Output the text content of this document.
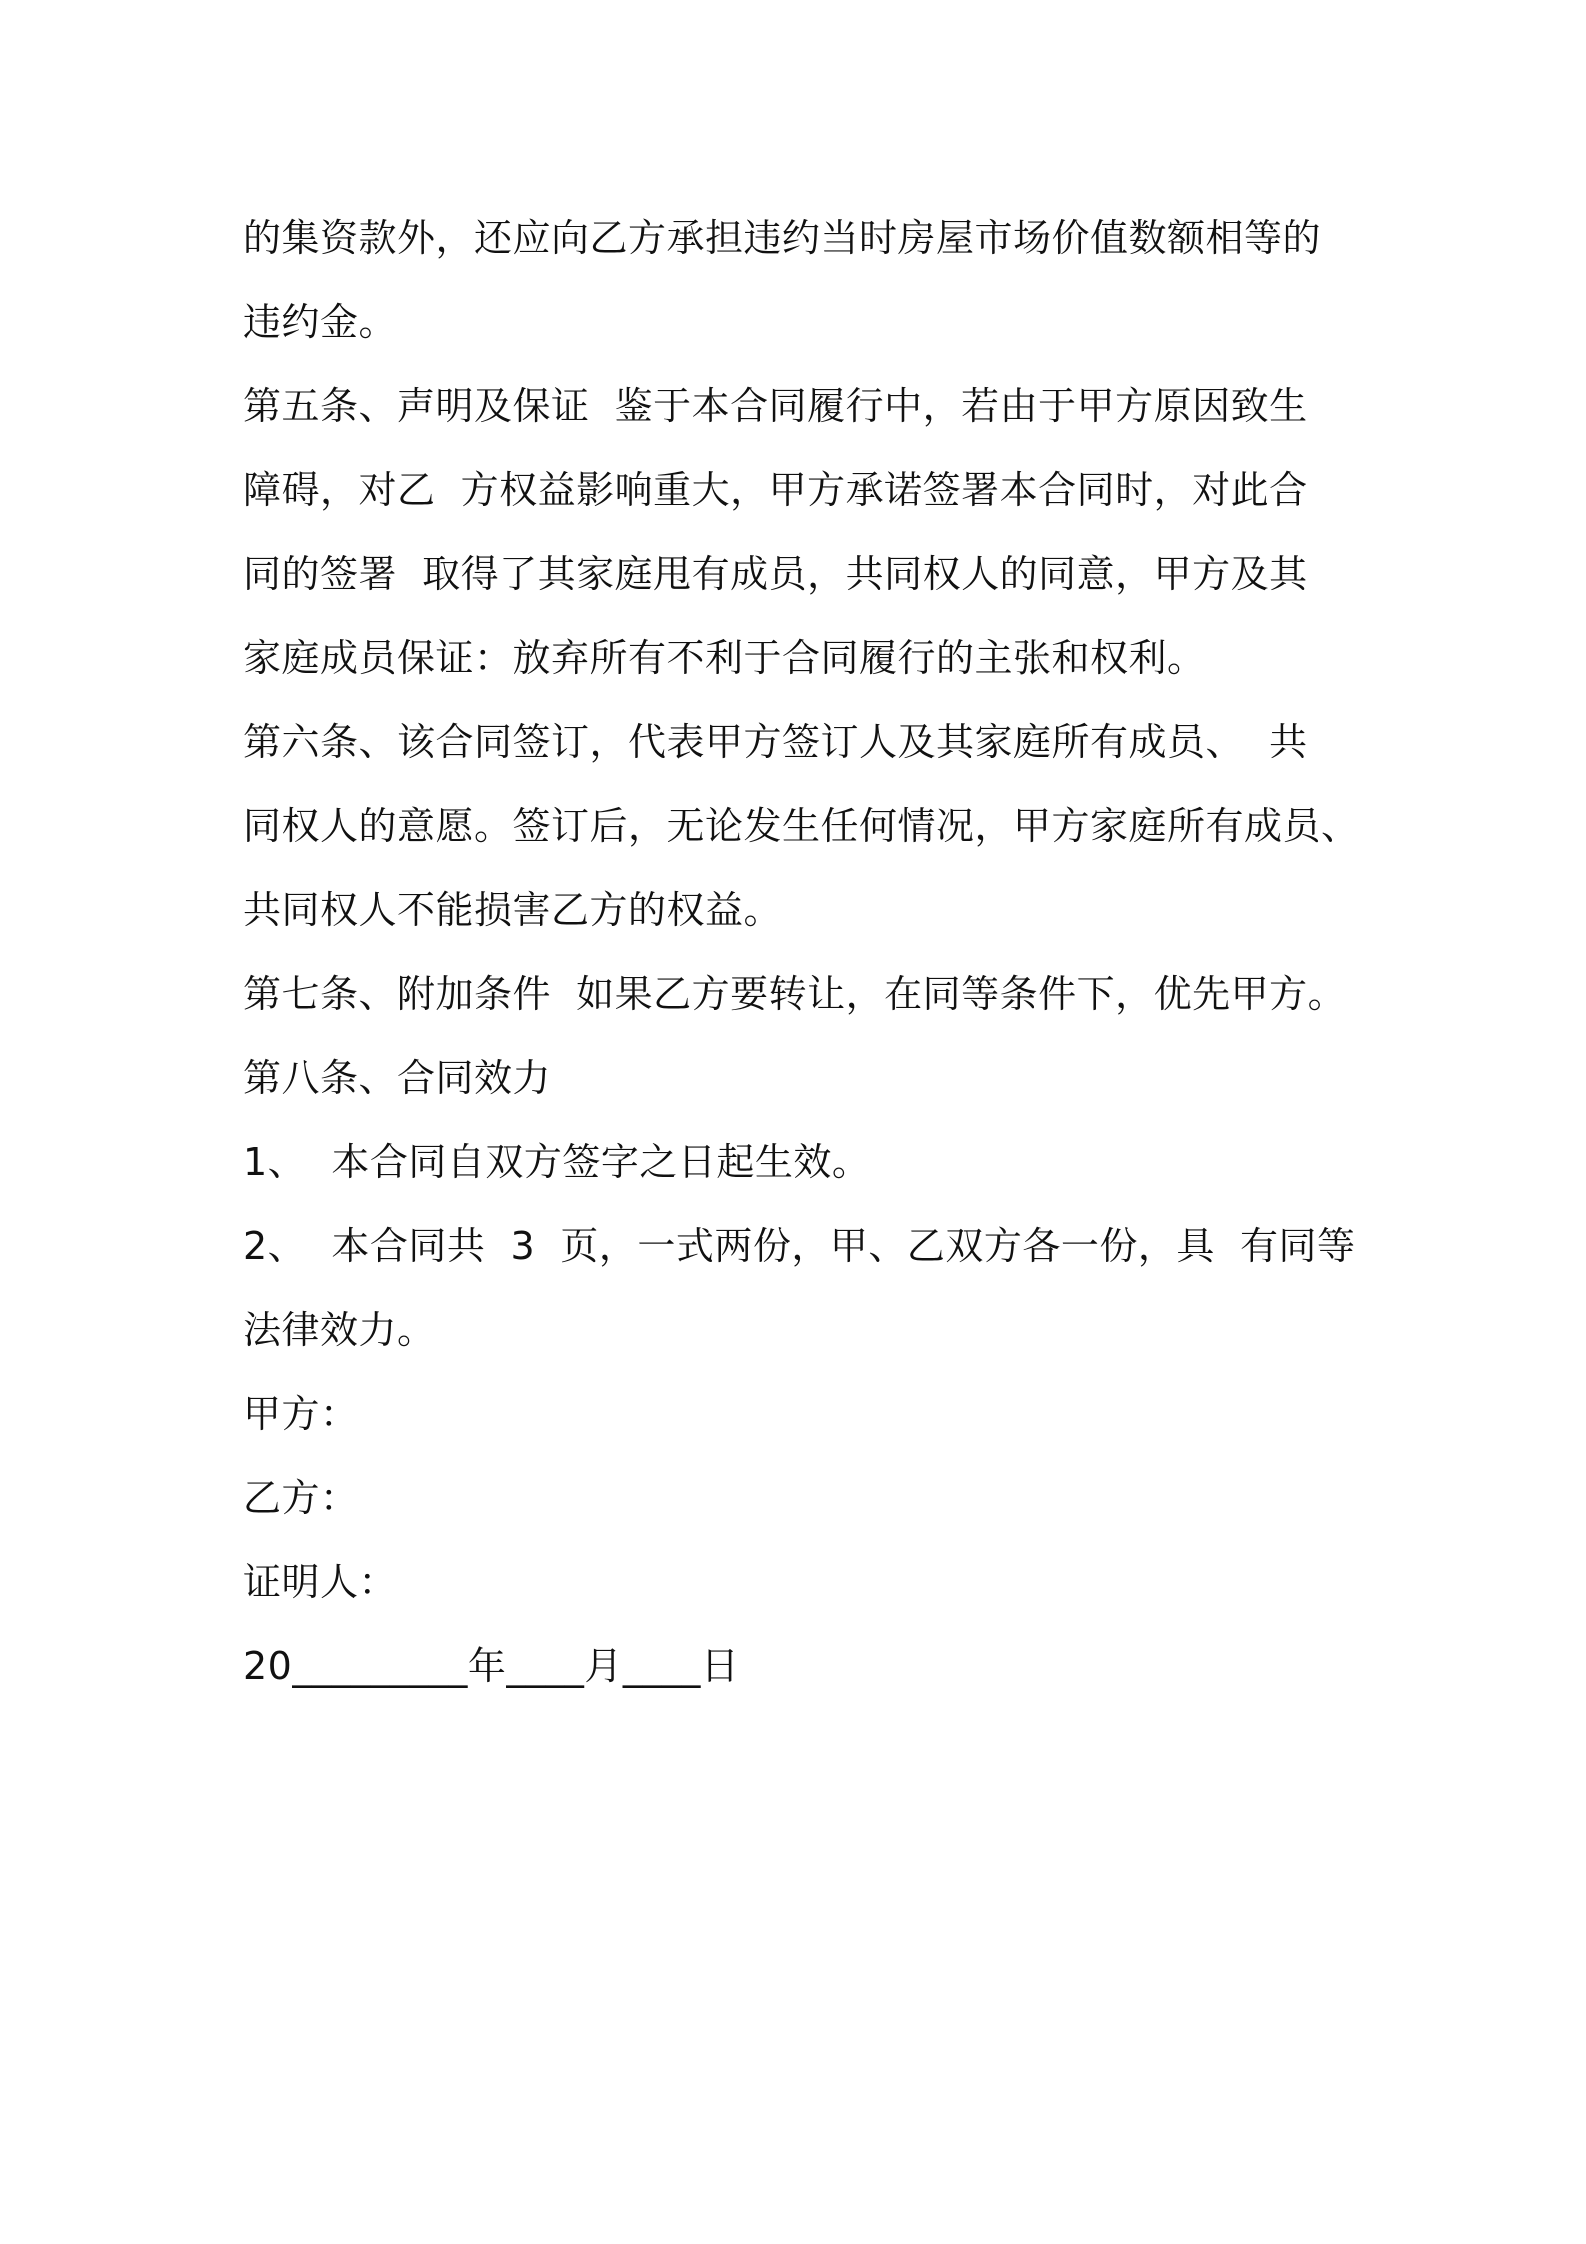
的集资款外，还应向乙方承担违约当时房屋市场价值数额相等的
违约金。
第五条、声明及保证  鉴于本合同履行中，若由于甲方原因致生
障碍，对乙  方权益影响重大，甲方承诺签署本合同时，对此合
同的签署  取得了其家庭甩有成员，共同权人的同意，甲方及其
家庭成员保证：放弃所有不利于合同履行的主张和权利。
第六条、该合同签订，代表甲方签订人及其家庭所有成员、  共
同权人的意愿。签订后，无论发生任何情况，甲方家庭所有成员、
共同权人不能损害乙方的权益。
第七条、附加条件  如果乙方要转让，在同等条件下，优先甲方。
第八条、合同效力
1、  本合同自双方签字之日起生效。
2、  本合同共  3  页，一式两份，甲、乙双方各一份，具  有同等
法律效力。
甲方：
乙方：
证明人：
20_________年____月____日
